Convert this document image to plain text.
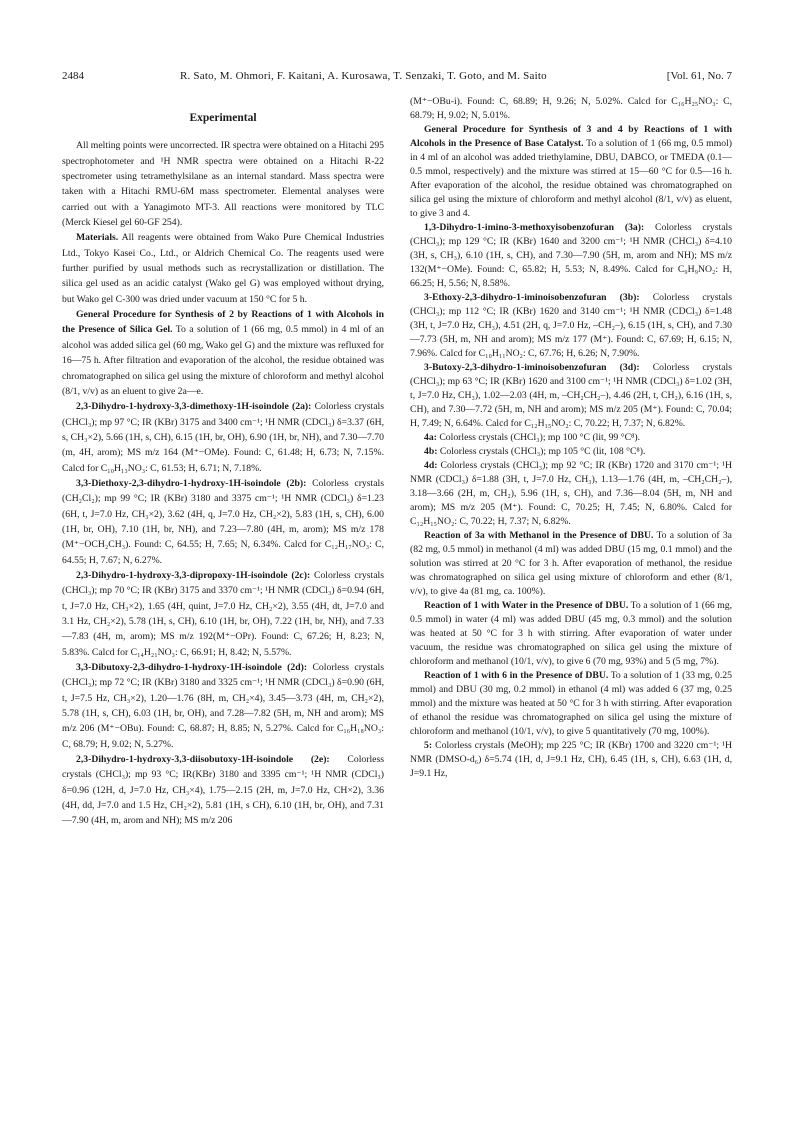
2484	R. Sato, M. Ohmori, F. Kaitani, A. Kurosawa, T. Senzaki, T. Goto, and M. Saito	[Vol. 61, No. 7
Experimental

All melting points were uncorrected. IR spectra were obtained on a Hitachi 295 spectrophotometer and ¹H NMR spectra were obtained on a Hitachi R-22 spectrometer using tetramethylsilane as an internal standard. Mass spectra were taken with a Hitachi RMU-6M mass spectrometer. Elemental analyses were carried out with a Yanagimoto MT-3. All reactions were monitored by TLC (Merck Kiesel gel 60-GF 254).

Materials. All reagents were obtained from Wako Pure Chemical Industries Ltd., Tokyo Kasei Co., Ltd., or Aldrich Chemical Co. The reagents used were further purified by usual methods such as recrystallization or distillation. The silica gel used as an acidic catalyst (Wako gel G) was employed without drying, but Wako gel C-300 was dried under vacuum at 150 °C for 5 h.

General Procedure for Synthesis of 2 by Reactions of 1 with Alcohols in the Presence of Silica Gel. To a solution of 1 (66 mg, 0.5 mmol) in 4 ml of an alcohol was added silica gel (60 mg, Wako gel G) and the mixture was refluxed for 16—75 h. After filtration and evaporation of the alcohol, the residue obtained was chromatographed on silica gel using the mixture of chloroform and methyl alcohol (8/1, v/v) as an eluent to give 2a—e.

2,3-Dihydro-1-hydroxy-3,3-dimethoxy-1H-isoindole (2a): Colorless crystals (CHCl₃); mp 97 °C; IR (KBr) 3175 and 3400 cm⁻¹; ¹H NMR (CDCl₃) δ=3.37 (6H, s, CH₃×2), 5.66 (1H, s, CH), 6.15 (1H, br, OH), 6.90 (1H, br, NH), and 7.30—7.70 (m, 4H, arom); MS m/z 164 (M⁺−OMe). Found: C, 61.48; H, 6.73; N, 7.15%. Calcd for C₁₀H₁₃NO₃: C, 61.53; H, 6.71; N, 7.18%.

3,3-Diethoxy-2,3-dihydro-1-hydroxy-1H-isoindole (2b): Colorless crystals (CH₂Cl₂); mp 99 °C; IR (KBr) 3180 and 3375 cm⁻¹; ¹H NMR (CDCl₃) δ=1.23 (6H, t, J=7.0 Hz, CH₃×2), 3.62 (4H, q, J=7.0 Hz, CH₂×2), 5.83 (1H, s, CH), 6.00 (1H, br, OH), 7.10 (1H, br, NH), and 7.23—7.80 (4H, m, arom); MS m/z 178 (M⁺−OCH₂CH₃). Found: C, 64.55; H, 7.65; N, 6.34%. Calcd for C₁₂H₁₇NO₃: C, 64.55; H, 7.67; N, 6.27%.

2,3-Dihydro-1-hydroxy-3,3-dipropoxy-1H-isoindole (2c): Colorless crystals (CHCl₃); mp 70 °C; IR (KBr) 3175 and 3370 cm⁻¹; ¹H NMR (CDCl₃) δ=0.94 (6H, t, J=7.0 Hz, CH₃×2), 1.65 (4H, quint, J=7.0 Hz, CH₂×2), 3.55 (4H, dt, J=7.0 and 3.1 Hz, CH₂×2), 5.78 (1H, s, CH), 6.10 (1H, br, OH), 7.22 (1H, br, NH), and 7.33—7.83 (4H, m, arom); MS m/z 192(M⁺−OPr). Found: C, 67.26; H, 8.23; N, 5.83%. Calcd for C₁₄H₂₁NO₃: C, 66.91; H, 8.42; N, 5.57%.

3,3-Dibutoxy-2,3-dihydro-1-hydroxy-1H-isoindole (2d): Colorless crystals (CHCl₃); mp 72 °C; IR (KBr) 3180 and 3325 cm⁻¹; ¹H NMR (CDCl₃) δ=0.90 (6H, t, J=7.5 Hz, CH₃×2), 1.20—1.76 (8H, m, CH₂×4), 3.45—3.73 (4H, m, CH₂×2), 5.78 (1H, s, CH), 6.03 (1H, br, OH), and 7.28—7.82 (5H, m, NH and arom); MS m/z 206 (M⁺−OBu). Found: C, 68.87; H, 8.85; N, 5.27%. Calcd for C₁₆H₁₈NO₃: C, 68.79; H, 9.02; N, 5.27%.

2,3-Dihydro-1-hydroxy-3,3-diisobutoxy-1H-isoindole (2e): Colorless crystals (CHCl₃); mp 93 °C; IR(KBr) 3180 and 3395 cm⁻¹; ¹H NMR (CDCl₃) δ=0.96 (12H, d, J=7.0 Hz, CH₃×4), 1.75—2.15 (2H, m, J=7.0 Hz, CH×2), 3.36 (4H, dd, J=7.0 and 1.5 Hz, CH₂×2), 5.81 (1H, s CH), 6.10 (1H, br, OH), and 7.31—7.90 (4H, m, arom and NH); MS m/z 206

(M⁺−OBu-i). Found: C, 68.89; H, 9.26; N, 5.02%. Calcd for C₁₆H₂₅NO₃: C, 68.79; H, 9.02; N, 5.01%.

General Procedure for Synthesis of 3 and 4 by Reactions of 1 with Alcohols in the Presence of Base Catalyst. To a solution of 1 (66 mg, 0.5 mmol) in 4 ml of an alcohol was added triethylamine, DBU, DABCO, or TMEDA (0.1—0.5 mmol, respectively) and the mixture was stirred at 15—60 °C for 0.5—16 h. After evaporation of the alcohol, the residue obtained was chromatographed on silica gel using the mixture of chloroform and methyl alcohol (8/1, v/v) as eluent, to give 3 and 4.

1,3-Dihydro-1-imino-3-methoxyisobenzofuran (3a): Colorless crystals (CHCl₃); mp 129 °C; IR (KBr) 1640 and 3200 cm⁻¹; ¹H NMR (CHCl₃) δ=4.10 (3H, s, CH₃), 6.10 (1H, s, CH), and 7.30—7.90 (5H, m, arom and NH); MS m/z 132(M⁺−OMe). Found: C, 65.82; H, 5.53; N, 8.49%. Calcd for C₉H₉NO₂: H, 66.25; H, 5.56; N, 8.58%.

3-Ethoxy-2,3-dihydro-1-iminoisobenzofuran (3b): Colorless crystals (CHCl₃); mp 112 °C; IR (KBr) 1620 and 3140 cm⁻¹; ¹H NMR (CDCl₃) δ=1.48 (3H, t, J=7.0 Hz, CH₃), 4.51 (2H, q, J=7.0 Hz, –CH₂–), 6.15 (1H, s, CH), and 7.30—7.73 (5H, m, NH and arom); MS m/z 177 (M⁺). Found: C, 67.69; H, 6.15; N, 7.96%. Calcd for C₁₀H₁₁NO₂: C, 67.76; H, 6.26; N, 7.90%.

3-Butoxy-2,3-dihydro-1-iminoisobenzofuran (3d): Colorless crystals (CHCl₃); mp 63 °C; IR (KBr) 1620 and 3100 cm⁻¹; ¹H NMR (CDCl₃) δ=1.02 (3H, t, J=7.0 Hz, CH₃), 1.02—2.03 (4H, m, –CH₂CH₂–), 4.46 (2H, t, CH₂), 6.16 (1H, s, CH), and 7.30—7.72 (5H, m, NH and arom); MS m/z 205 (M⁺). Found: C, 70.04; H, 7.49; N, 6.64%. Calcd for C₁₂H₁₅NO₂: C, 70.22; H, 7.37; N, 6.82%.

4a: Colorless crystals (CHCl₃); mp 100 °C (lit, 99 °C⁸).

4b: Colorless crystals (CHCl₃); mp 105 °C (lit, 108 °C⁸).

4d: Colorless crystals (CHCl₃); mp 92 °C; IR (KBr) 1720 and 3170 cm⁻¹; ¹H NMR (CDCl₃) δ=1.88 (3H, t, J=7.0 Hz, CH₃), 1.13—1.76 (4H, m, –CH₂CH₂–), 3.18—3.66 (2H, m, CH₂), 5.96 (1H, s, CH), and 7.36—8.04 (5H, m, NH and arom); MS m/z 205 (M⁺). Found: C, 70.25; H, 7.45; N, 6.80%. Calcd for C₁₂H₁₅NO₂: C, 70.22; H, 7.37; N, 6.82%.

Reaction of 3a with Methanol in the Presence of DBU. To a solution of 3a (82 mg, 0.5 mmol) in methanol (4 ml) was added DBU (15 mg, 0.1 mmol) and the solution was stirred at 20 °C for 3 h. After evaporation of methanol, the residue was chromatographed on silica gel using mixture of chloroform and ether (8/1, v/v), to give 4a (81 mg, ca. 100%).

Reaction of 1 with Water in the Presence of DBU. To a solution of 1 (66 mg, 0.5 mmol) in water (4 ml) was added DBU (45 mg, 0.3 mmol) and the solution was heated at 50 °C for 3 h with stirring. After evaporation of water under vacuum, the residue was chromatographed on silica gel using the mixture of chloroform and methanol (10/1, v/v), to give 6 (70 mg, 93%) and 5 (5 mg, 7%).

Reaction of 1 with 6 in the Presence of DBU. To a solution of 1 (33 mg, 0.25 mmol) and DBU (30 mg, 0.2 mmol) in ethanol (4 ml) was added 6 (37 mg, 0.25 mmol) and the mixture was heated at 50 °C for 3 h with stirring. After evaporation of ethanol the residue was chromatographed on silica gel using the mixture of chloroform and methanol (10/1, v/v), to give 5 quantitatively (70 mg, 100%).

5: Colorless crystals (MeOH); mp 225 °C; IR (KBr) 1700 and 3220 cm⁻¹; ¹H NMR (DMSO-d₆) δ=5.74 (1H, d, J=9.1 Hz, CH), 6.45 (1H, s, CH), 6.63 (1H, d, J=9.1 Hz,
